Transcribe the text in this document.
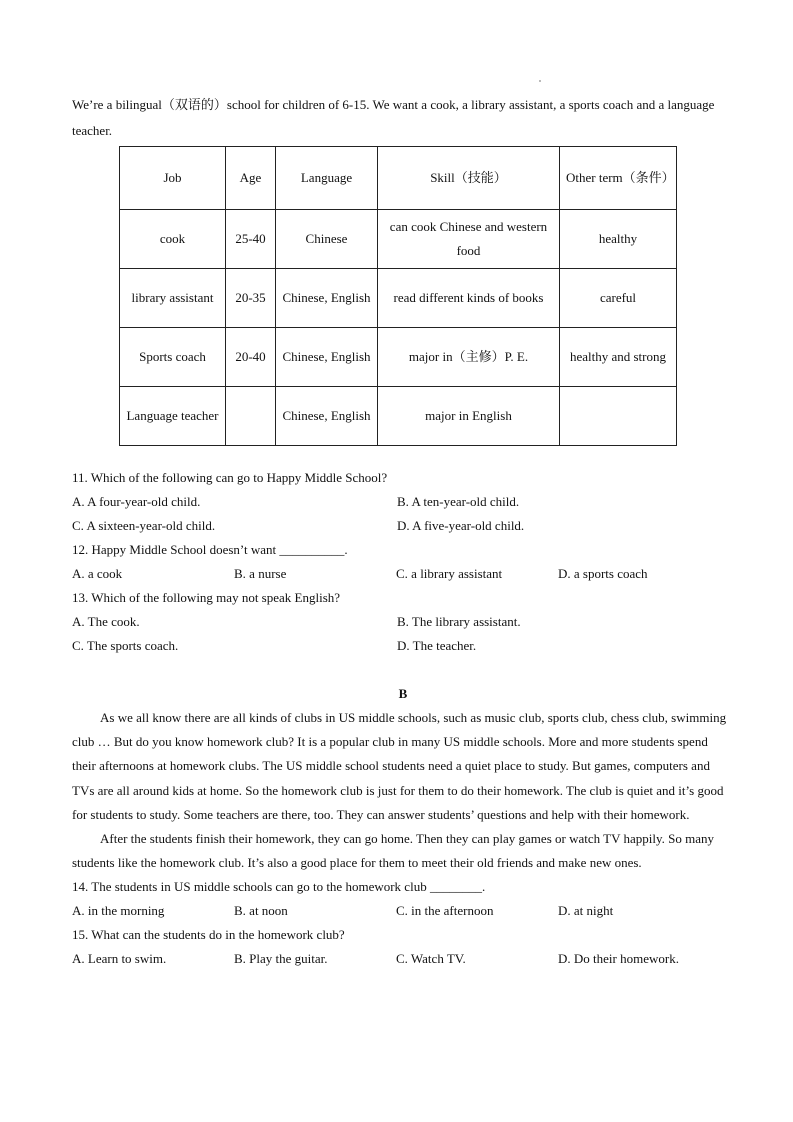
We’re a bilingual（双语的）school for children of 6-15. We want a cook, a library assistant, a sports coach and a language teacher.

Job	Age	Language	Skill（技能）	Other term（条件）
cook	25-40	Chinese	can cook Chinese and western food	healthy
library assistant	20-35	Chinese, English	read different kinds of books	careful
Sports coach	20-40	Chinese, English	major in（主修）P. E.	healthy and strong
Language teacher		Chinese, English	major in English	
11. Which of the following can go to Happy Middle School?
A. A four-year-old child.	B. A ten-year-old child.
C. A sixteen-year-old child.	D. A five-year-old child.
12. Happy Middle School doesn’t want __________.
A. a cook	B. a nurse	C. a library assistant	D. a sports coach
13. Which of the following may not speak English?
A. The cook.	B. The library assistant.
C. The sports coach.	D. The teacher.
B

As we all know there are all kinds of clubs in US middle schools, such as music club, sports club, chess club, swimming club … But do you know homework club? It is a popular club in many US middle schools. More and more students spend their afternoons at homework clubs. The US middle school students need a quiet place to study. But games, computers and TVs are all around kids at home. So the homework club is just for them to do their homework. The club is quiet and it’s good for students to study. Some teachers are there, too. They can answer students’ questions and help with their homework.

After the students finish their homework, they can go home. Then they can play games or watch TV happily. So many students like the homework club. It’s also a good place for them to meet their old friends and make new ones.

14. The students in US middle schools can go to the homework club ________.
A. in the morning	B. at noon	C. in the afternoon	D. at night
15. What can the students do in the homework club?
A. Learn to swim.	B. Play the guitar.	C. Watch TV.	D. Do their homework.
